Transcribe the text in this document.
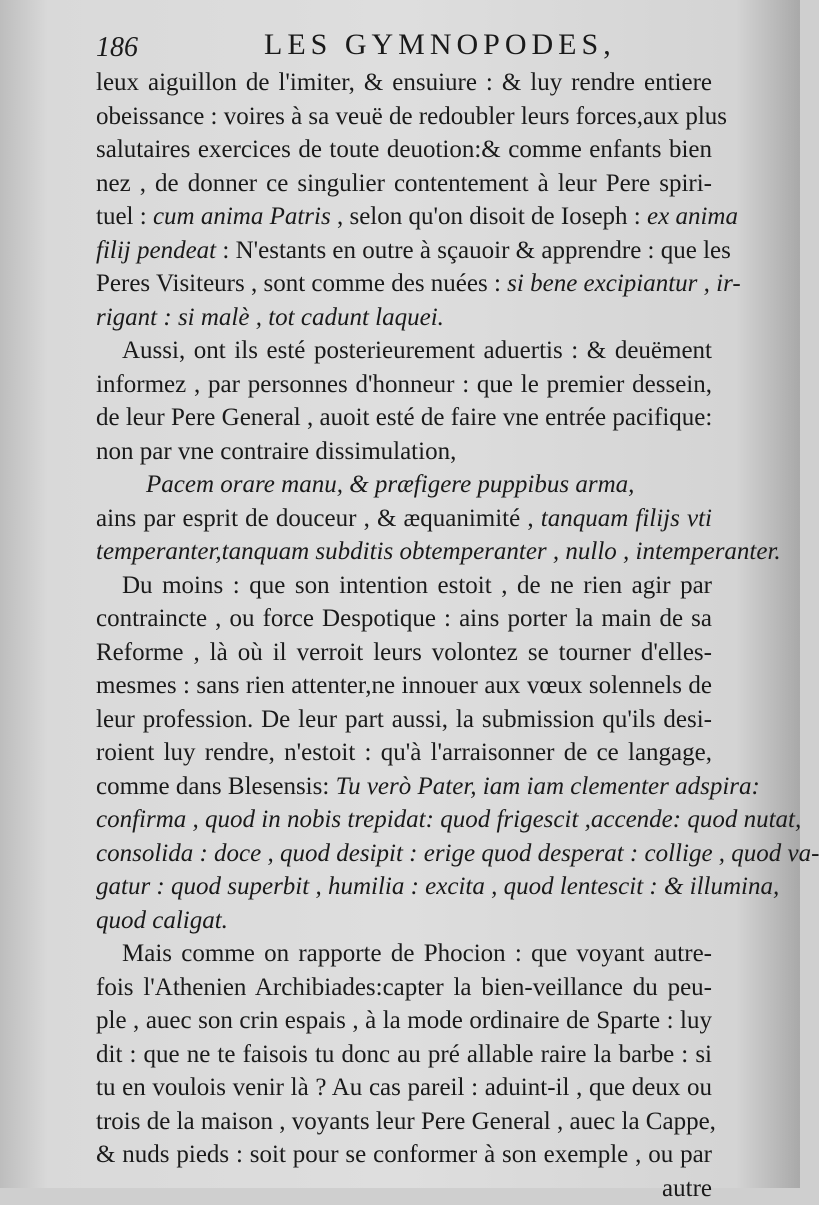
186	LES GYMNOPODES,
leux aiguillon de l'imiter, & ensuiure : & luy rendre entiere
obeissance : voires à sa veuë de redoubler leurs forces,aux plus
salutaires exercices de toute deuotion:& comme enfants bien
nez , de donner ce singulier contentement à leur Pere spiri-
tuel : cum anima Patris , selon qu'on disoit de Ioseph : ex anima
filij pendeat : N'estants en outre à sçauoir & apprendre : que les
Peres Visiteurs , sont comme des nuées : si bene excipiantur , ir-
rigant : si malè , tot cadunt laquei.
Aussi, ont ils esté posterieurement aduertis : & deuëment
informez , par personnes d'honneur : que le premier dessein,
de leur Pere General , auoit esté de faire vne entrée pacifique:
non par vne contraire dissimulation,
Pacem orare manu, & præfigere puppibus arma,
ains par esprit de douceur , & æquanimité , tanquam filijs vti
temperanter,tanquam subditis obtemperanter , nullo , intemperanter.
Du moins : que son intention estoit , de ne rien agir par
contraincte , ou force Despotique : ains porter la main de sa
Reforme , là où il verroit leurs volontez se tourner d'elles-
mesmes : sans rien attenter,ne innouer aux vœux solennels de
leur profession. De leur part aussi, la submission qu'ils desi-
roient luy rendre, n'estoit : qu'à l'arraisonner de ce langage,
comme dans Blesensis: Tu verò Pater, iam iam clementer adspira:
confirma , quod in nobis trepidat: quod frigescit ,accende: quod nutat,
consolida : doce , quod desipit : erige quod desperat : collige , quod va-
gatur : quod superbit , humilia : excita , quod lentescit : & illumina,
quod caligat.
Mais comme on rapporte de Phocion : que voyant autre-
fois l'Athenien Archibiades:capter la bien-veillance du peu-
ple , auec son crin espais , à la mode ordinaire de Sparte : luy
dit : que ne te faisois tu donc au pré allable raire la barbe : si
tu en voulois venir là ? Au cas pareil : aduint-il , que deux ou
trois de la maison , voyants leur Pere General , auec la Cappe,
& nuds pieds : soit pour se conformer à son exemple , ou par
autre
